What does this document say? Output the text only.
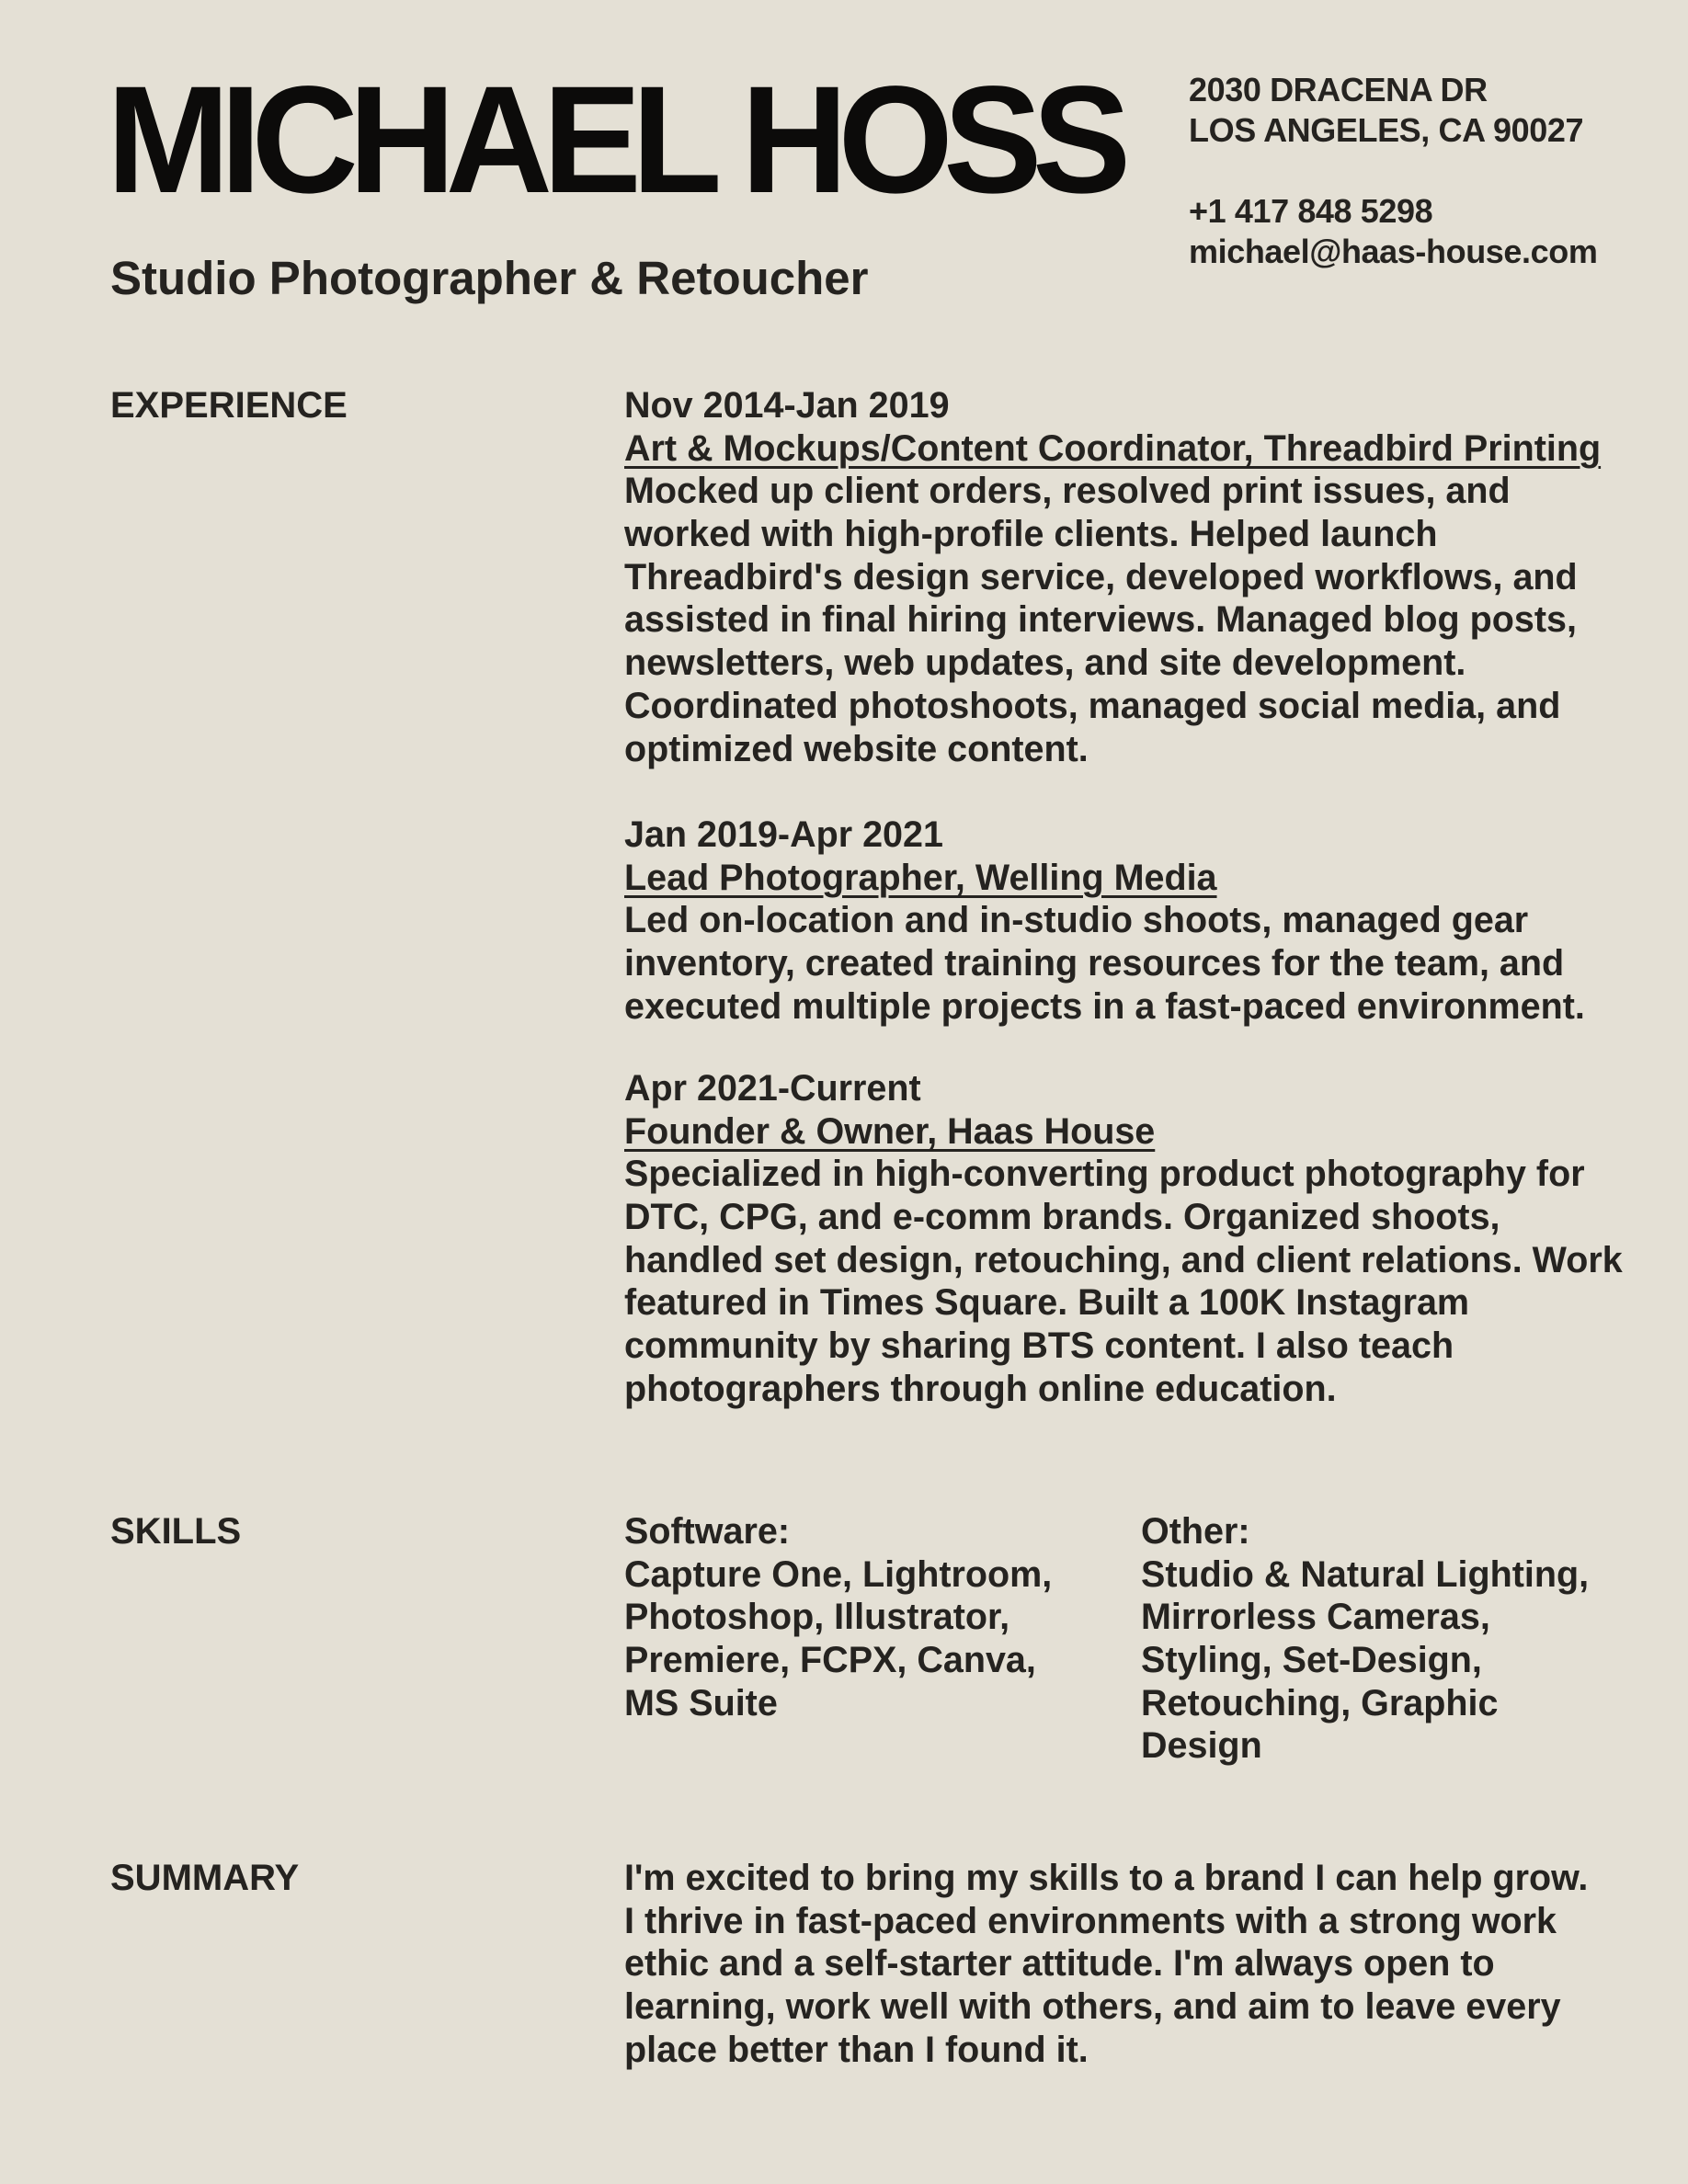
MICHAEL HOSS
Studio Photographer & Retoucher
2030 DRACENA DR
LOS ANGELES, CA 90027
+1 417 848 5298
michael@haas-house.com
EXPERIENCE	Nov 2014-Jan 2019
Art & Mockups/Content Coordinator, Threadbird Printing
Mocked up client orders, resolved print issues, and
worked with high-profile clients. Helped launch
Threadbird's design service, developed workflows, and
assisted in final hiring interviews. Managed blog posts,
newsletters, web updates, and site development.
Coordinated photoshoots, managed social media, and
optimized website content.
Jan 2019-Apr 2021
Lead Photographer, Welling Media
Led on-location and in-studio shoots, managed gear
inventory, created training resources for the team, and
executed multiple projects in a fast-paced environment.
Apr 2021-Current
Founder & Owner, Haas House
Specialized in high-converting product photography for
DTC, CPG, and e-comm brands. Organized shoots,
handled set design, retouching, and client relations. Work
featured in Times Square. Built a 100K Instagram
community by sharing BTS content. I also teach
photographers through online education.
SKILLS	Software:
Capture One, Lightroom,
Photoshop, Illustrator,
Premiere, FCPX, Canva,
MS Suite
Other:
Studio & Natural Lighting,
Mirrorless Cameras,
Styling, Set-Design,
Retouching, Graphic
Design
SUMMARY	I'm excited to bring my skills to a brand I can help grow.
I thrive in fast-paced environments with a strong work
ethic and a self-starter attitude. I'm always open to
learning, work well with others, and aim to leave every
place better than I found it.
